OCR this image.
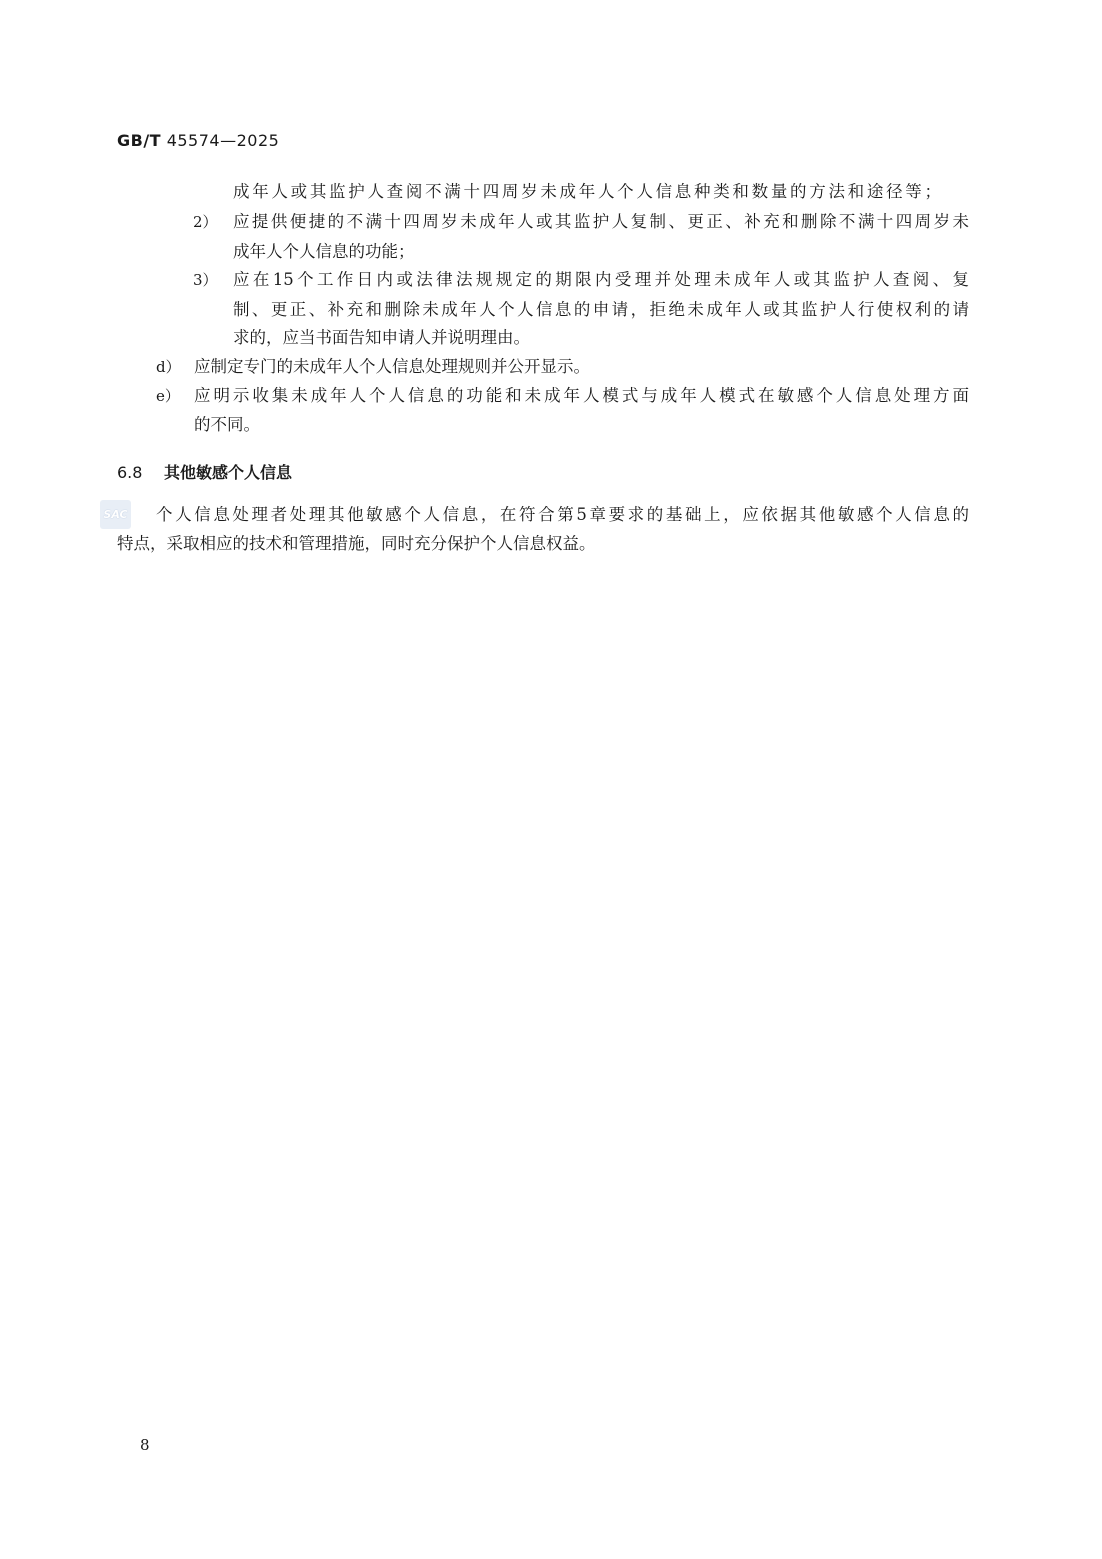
GB/T 45574—2025
成年人或其监护人查阅不满十四周岁未成年人个人信息种类和数量的方法和途径等；
2） 应提供便捷的不满十四周岁未成年人或其监护人复制、更正、补充和删除不满十四周岁未
成年人个人信息的功能；
3） 应在15个工作日内或法律法规规定的期限内受理并处理未成年人或其监护人查阅、复
制、更正、补充和删除未成年人个人信息的申请，拒绝未成年人或其监护人行使权利的请
求的，应当书面告知申请人并说明理由。
d） 应制定专门的未成年人个人信息处理规则并公开显示。
e） 应明示收集未成年人个人信息的功能和未成年人模式与成年人模式在敏感个人信息处理方面
的不同。
6.8 其他敏感个人信息
SAC 个人信息处理者处理其他敏感个人信息，在符合第5章要求的基础上，应依据其他敏感个人信息的
特点，采取相应的技术和管理措施，同时充分保护个人信息权益。
8
